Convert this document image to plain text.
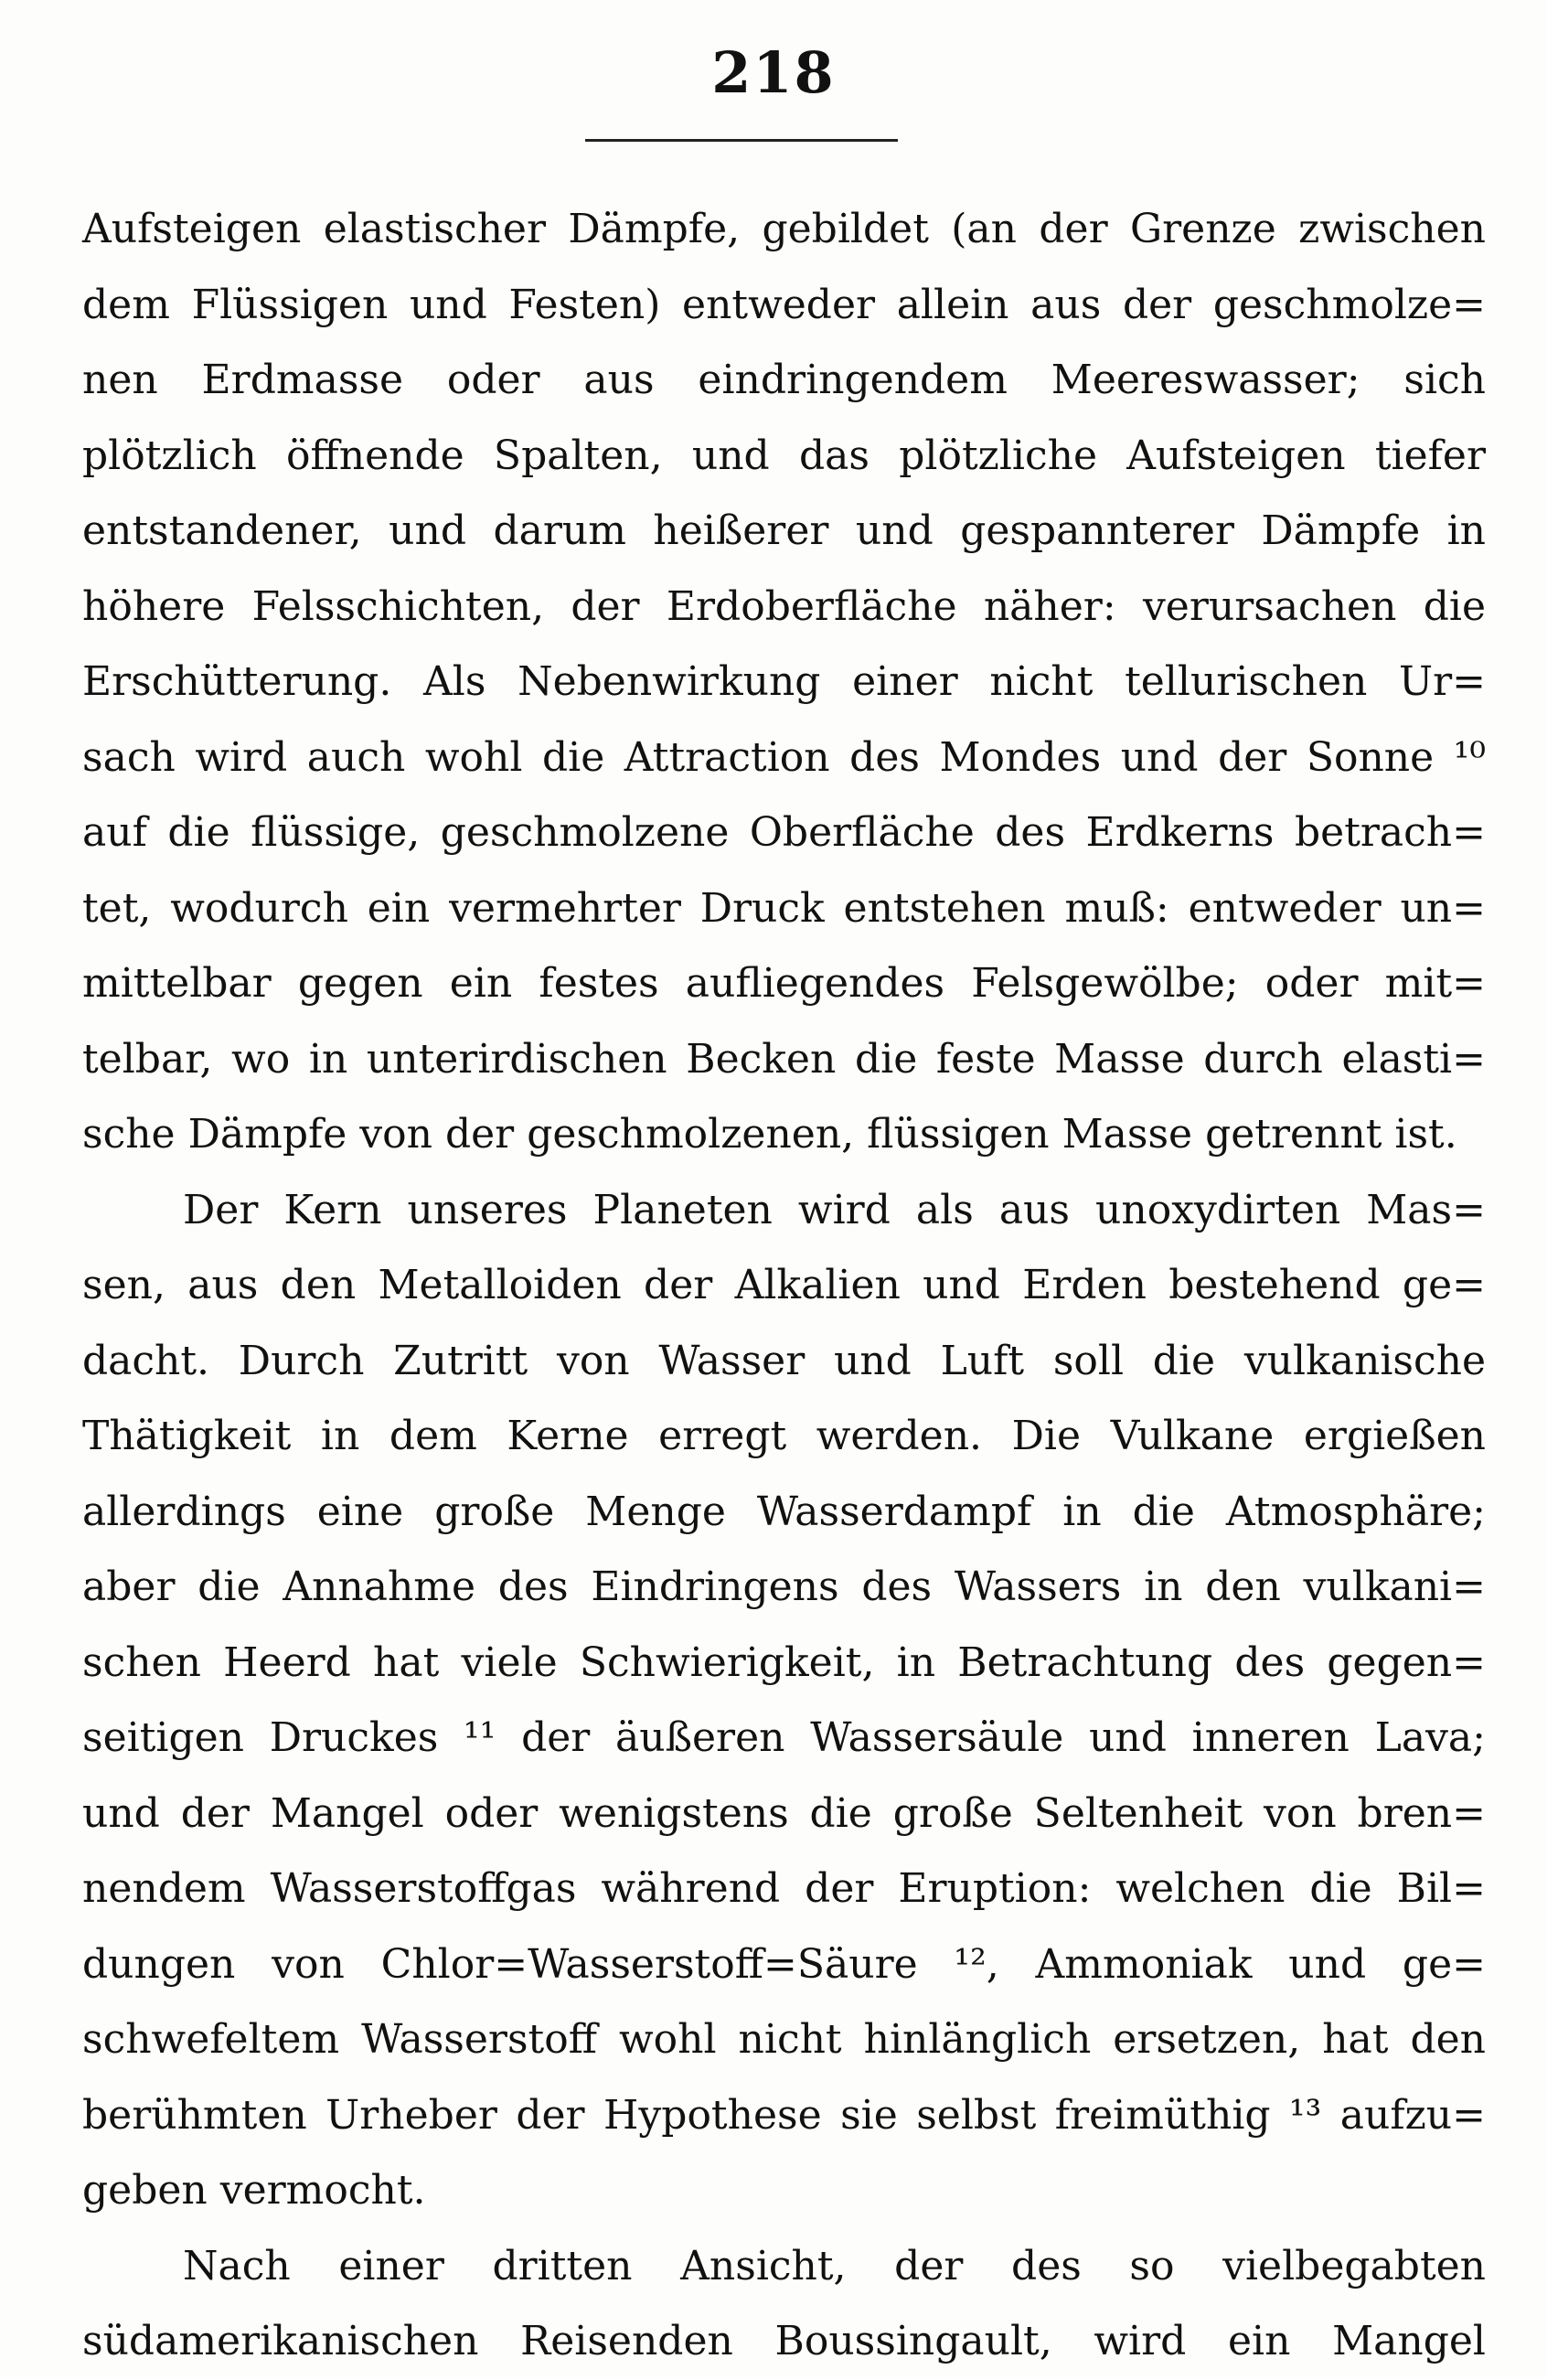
218
Aufsteigen elastischer Dämpfe, gebildet (an der Grenze zwischen
dem Flüssigen und Festen) entweder allein aus der geschmolze=
nen Erdmasse oder aus eindringendem Meereswasser; sich
plötzlich öffnende Spalten, und das plötzliche Aufsteigen tiefer
entstandener, und darum heißerer und gespannterer Dämpfe in
höhere Felsschichten, der Erdoberfläche näher: verursachen die
Erschütterung. Als Nebenwirkung einer nicht tellurischen Ur=
sach wird auch wohl die Attraction des Mondes und der Sonne ¹⁰
auf die flüssige, geschmolzene Oberfläche des Erdkerns betrach=
tet, wodurch ein vermehrter Druck entstehen muß: entweder un=
mittelbar gegen ein festes aufliegendes Felsgewölbe; oder mit=
telbar, wo in unterirdischen Becken die feste Masse durch elasti=
sche Dämpfe von der geschmolzenen, flüssigen Masse getrennt ist.
Der Kern unseres Planeten wird als aus unoxydirten Mas=
sen, aus den Metalloiden der Alkalien und Erden bestehend ge=
dacht. Durch Zutritt von Wasser und Luft soll die vulkanische
Thätigkeit in dem Kerne erregt werden. Die Vulkane ergießen
allerdings eine große Menge Wasserdampf in die Atmosphäre;
aber die Annahme des Eindringens des Wassers in den vulkani=
schen Heerd hat viele Schwierigkeit, in Betrachtung des gegen=
seitigen Druckes ¹¹ der äußeren Wassersäule und inneren Lava;
und der Mangel oder wenigstens die große Seltenheit von bren=
nendem Wasserstoffgas während der Eruption: welchen die Bil=
dungen von Chlor=Wasserstoff=Säure ¹², Ammoniak und ge=
schwefeltem Wasserstoff wohl nicht hinlänglich ersetzen, hat den
berühmten Urheber der Hypothese sie selbst freimüthig ¹³ aufzu=
geben vermocht.
Nach einer dritten Ansicht, der des so vielbegabten
südamerikanischen Reisenden Boussingault, wird ein Mangel
